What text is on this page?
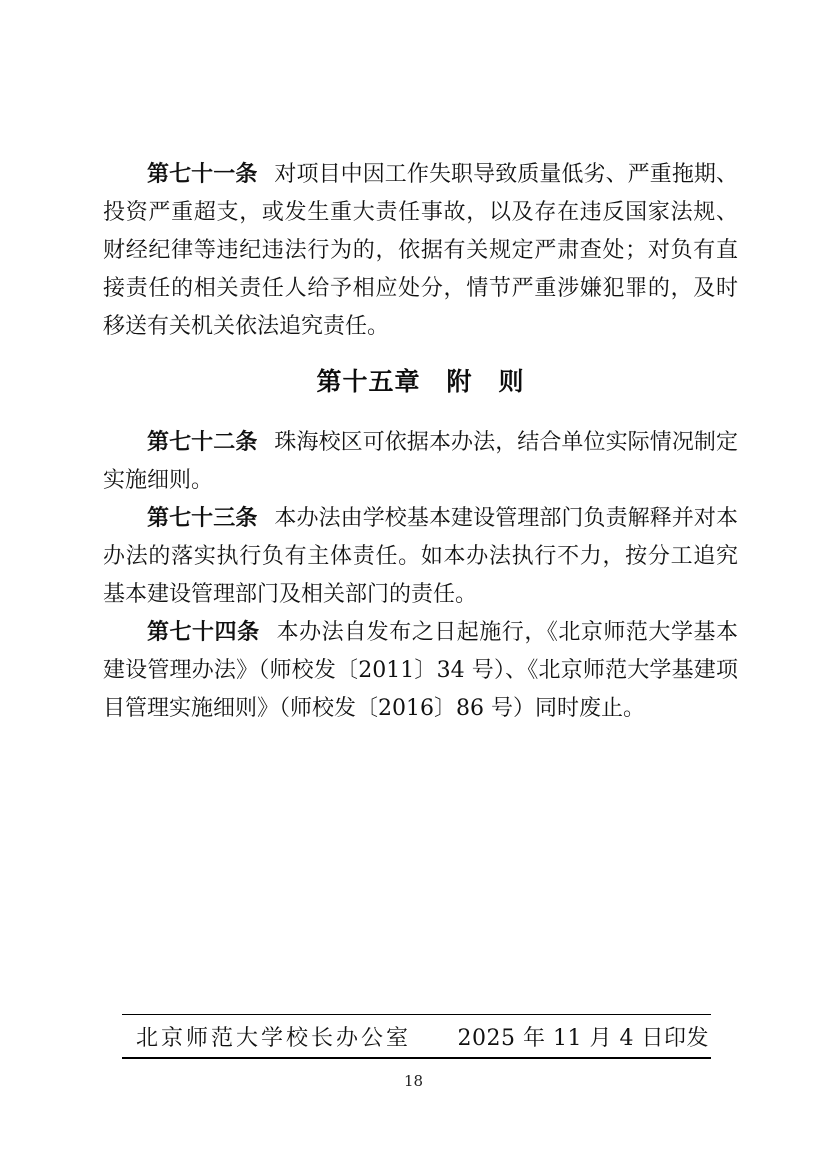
第七十一条 对项目中因工作失职导致质量低劣、严重拖期、投资严重超支，或发生重大责任事故，以及存在违反国家法规、财经纪律等违纪违法行为的，依据有关规定严肃查处；对负有直接责任的相关责任人给予相应处分，情节严重涉嫌犯罪的，及时移送有关机关依法追究责任。

第十五章　附　则

第七十二条 珠海校区可依据本办法，结合单位实际情况制定实施细则。

第七十三条 本办法由学校基本建设管理部门负责解释并对本办法的落实执行负有主体责任。如本办法执行不力，按分工追究基本建设管理部门及相关部门的责任。

第七十四条 本办法自发布之日起施行，《北京师范大学基本建设管理办法》（师校发〔2011〕34 号）、《北京师范大学基建项目管理实施细则》（师校发〔2016〕86 号）同时废止。

北京师范大学校长办公室 2025 年 11 月 4 日印发
18
